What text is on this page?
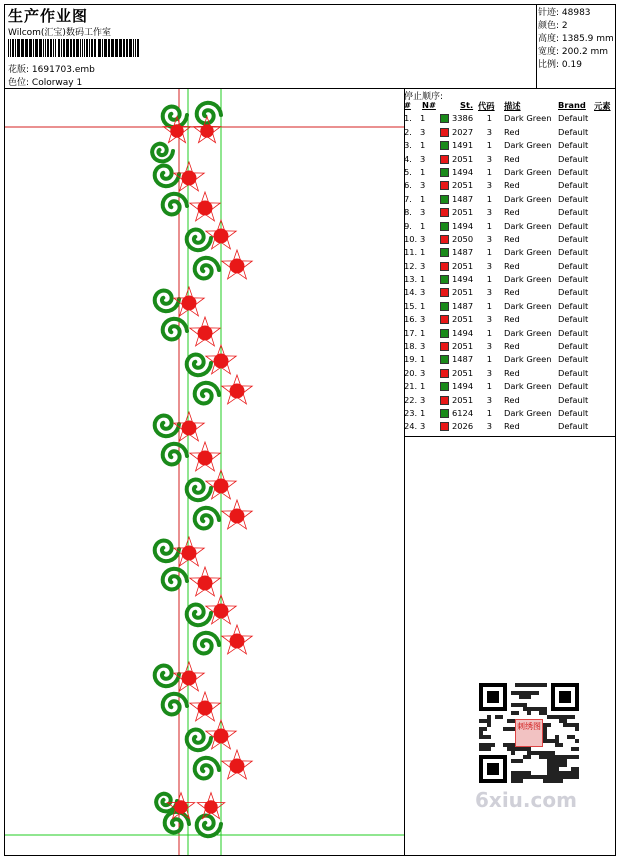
生产作业图
Wilcom(汇宝)数码工作室
花版: 1691703.emb
色位: Colorway 1
针迹: 48983
颜色: 2
高度: 1385.9 mm
宽度: 200.2 mm
比例: 0.19
停止顺序:
# N#	St. 代码 描述	Brand 元素
1. 1	3386	1 Dark Green Default
2. 3	2027	3 Red	Default
3. 1	1491	1 Dark Green Default
4. 3	2051	3 Red	Default
5. 1	1494	1 Dark Green Default
6. 3	2051	3 Red	Default
7. 1	1487	1 Dark Green Default
8. 3	2051	3 Red	Default
9. 1	1494	1 Dark Green Default
10. 3	2050	3 Red	Default
11. 1	1487	1 Dark Green Default
12. 3	2051	3 Red	Default
13. 1	1494	1 Dark Green Default
14. 3	2051	3 Red	Default
15. 1	1487	1 Dark Green Default
16. 3	2051	3 Red	Default
17. 1	1494	1 Dark Green Default
18. 3	2051	3 Red	Default
19. 1	1487	1 Dark Green Default
20. 3	2051	3 Red	Default
21. 1	1494	1 Dark Green Default
22. 3	2051	3 Red	Default
23. 1	6124	1 Dark Green Default
24. 3	2026	3 Red	Default
刺绣图
6xiu.com
